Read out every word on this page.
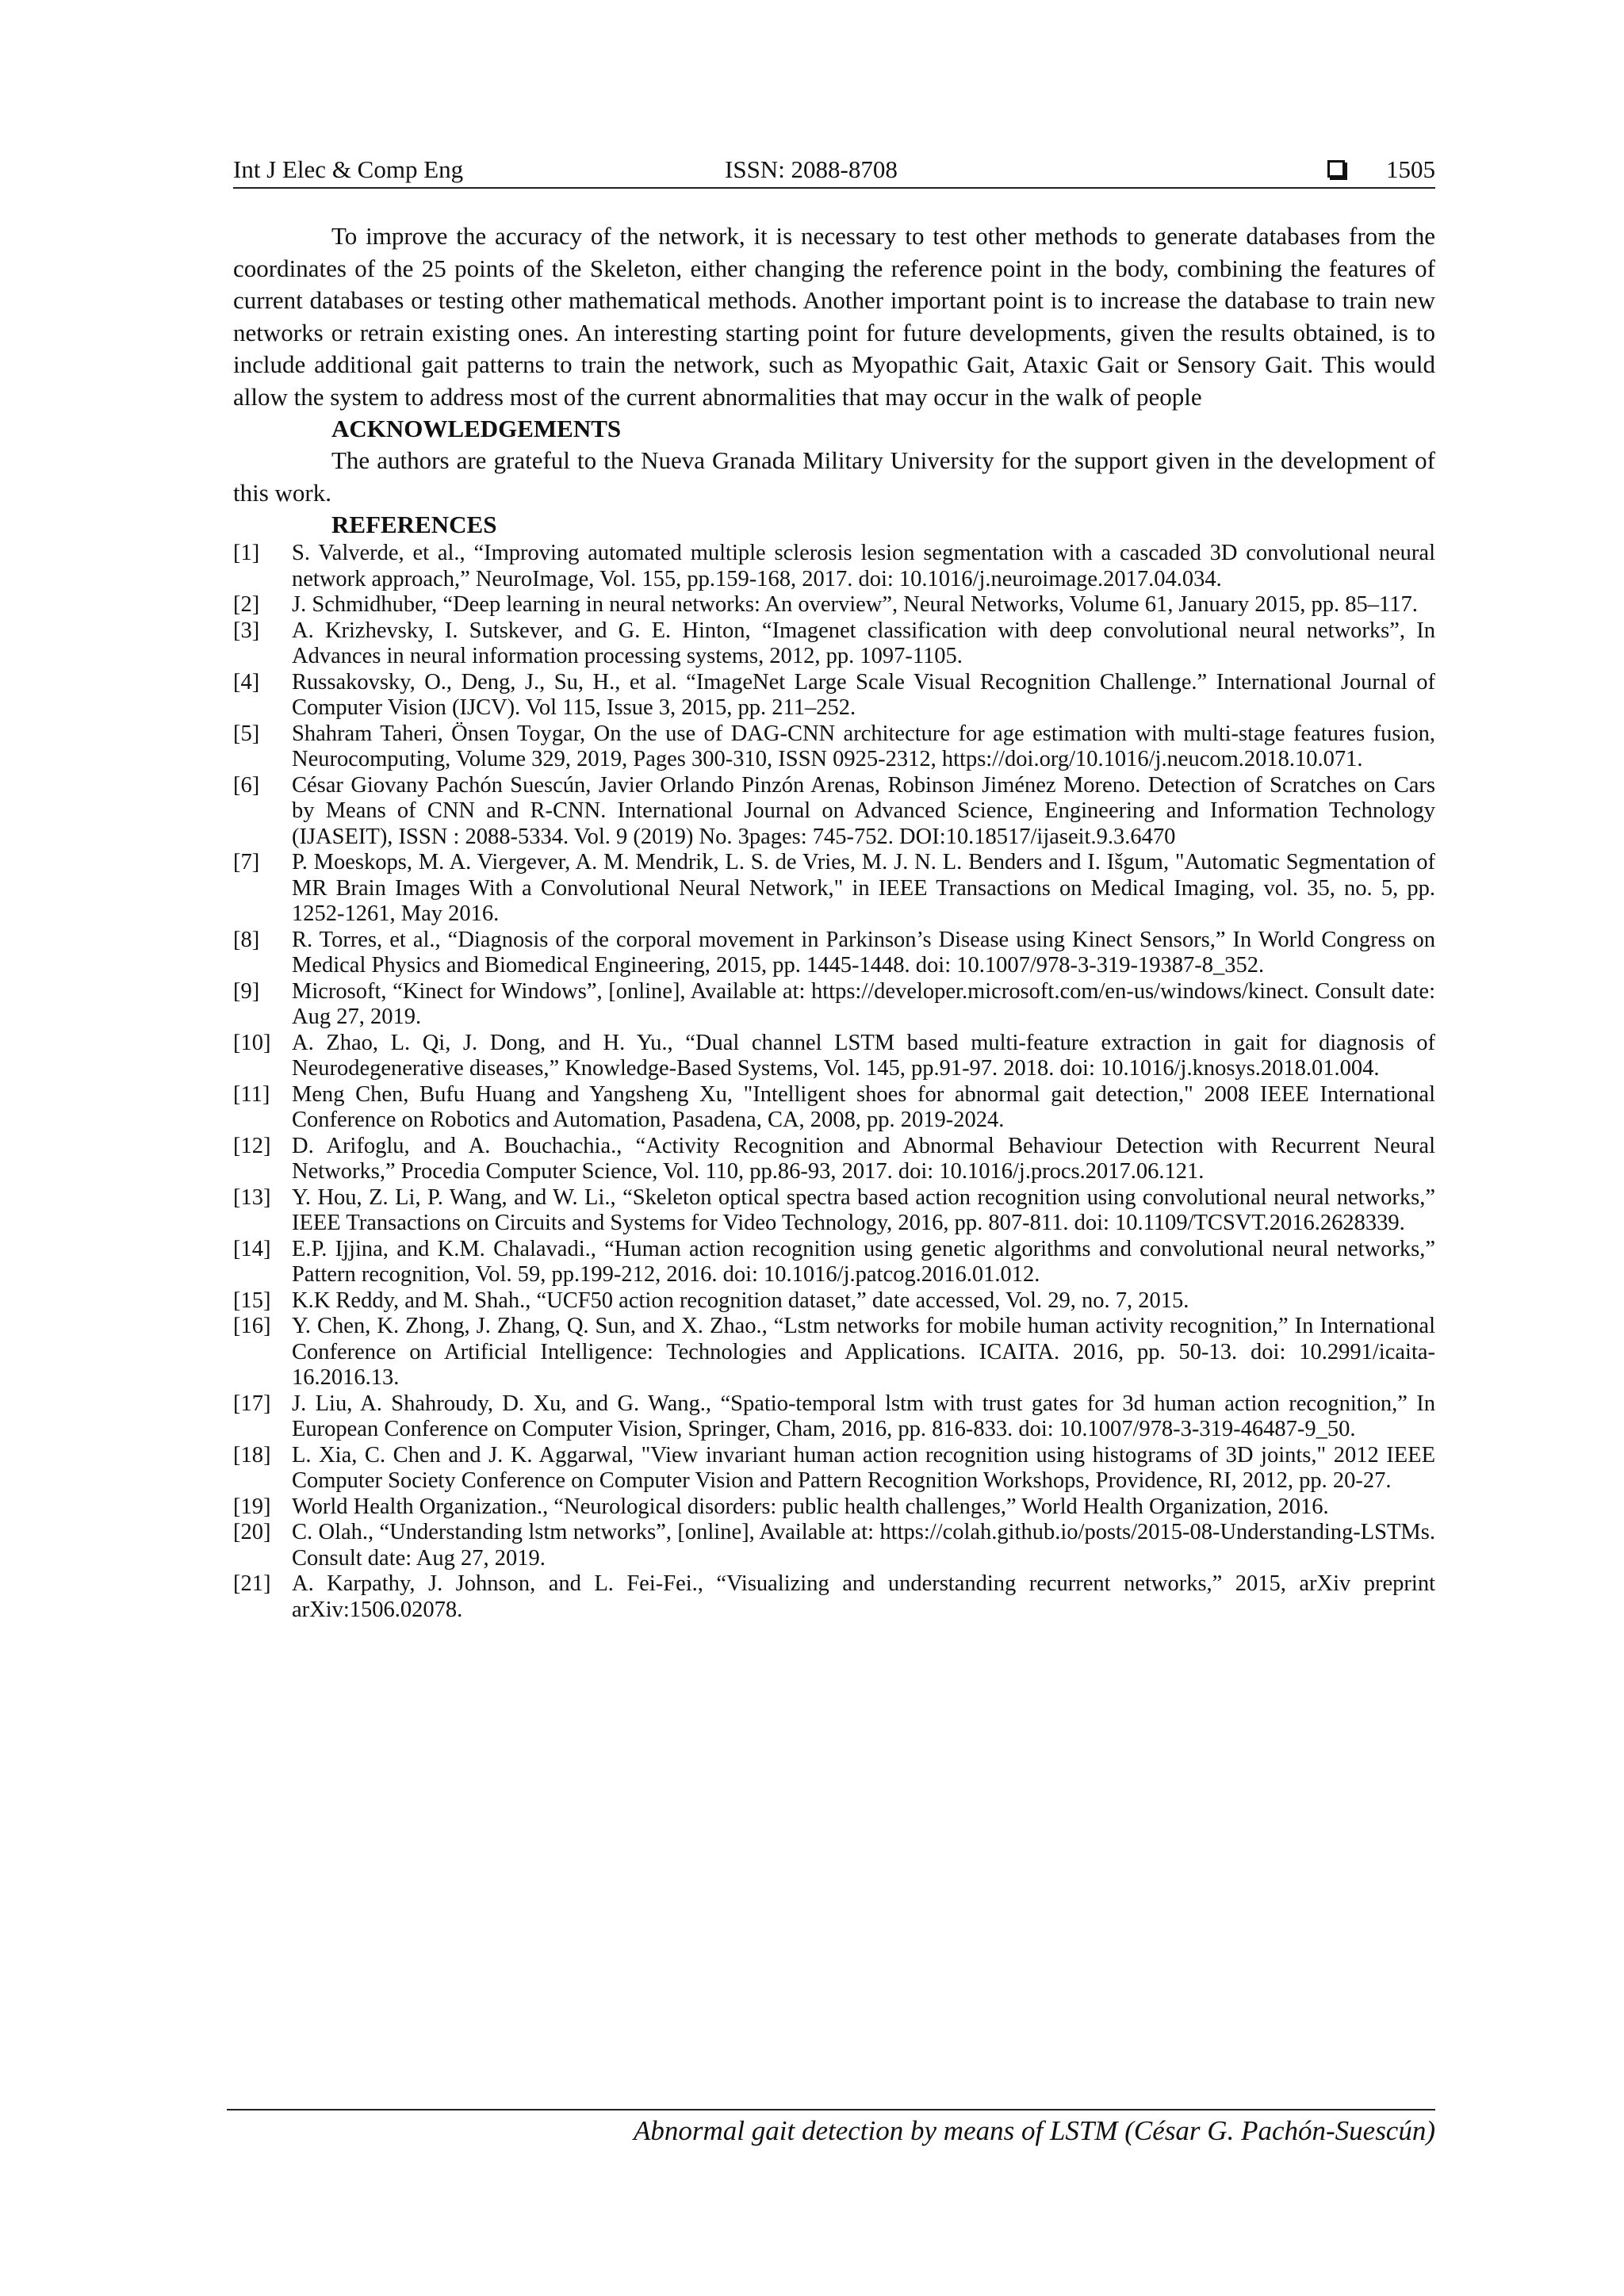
Int J Elec & Comp Eng	ISSN: 2088-8708	1505

To improve the accuracy of the network, it is necessary to test other methods to generate databases from the coordinates of the 25 points of the Skeleton, either changing the reference point in the body, combining the features of current databases or testing other mathematical methods. Another important point is to increase the database to train new networks or retrain existing ones. An interesting starting point for future developments, given the results obtained, is to include additional gait patterns to train the network, such as Myopathic Gait, Ataxic Gait or Sensory Gait. This would allow the system to address most of the current abnormalities that may occur in the walk of people

ACKNOWLEDGEMENTS

The authors are grateful to the Nueva Granada Military University for the support given in the development of this work.

REFERENCES

[1] S. Valverde, et al., “Improving automated multiple sclerosis lesion segmentation with a cascaded 3D convolutional neural network approach,” NeuroImage, Vol. 155, pp.159-168, 2017. doi: 10.1016/j.neuroimage.2017.04.034.
[2] J. Schmidhuber, “Deep learning in neural networks: An overview”, Neural Networks, Volume 61, January 2015, pp. 85–117.
[3] A. Krizhevsky, I. Sutskever, and G. E. Hinton, “Imagenet classification with deep convolutional neural networks”, In Advances in neural information processing systems, 2012, pp. 1097-1105.
[4] Russakovsky, O., Deng, J., Su, H., et al. “ImageNet Large Scale Visual Recognition Challenge.” International Journal of Computer Vision (IJCV). Vol 115, Issue 3, 2015, pp. 211–252.
[5] Shahram Taheri, Önsen Toygar, On the use of DAG-CNN architecture for age estimation with multi-stage features fusion, Neurocomputing, Volume 329, 2019, Pages 300-310, ISSN 0925-2312, https://doi.org/10.1016/j.neucom.2018.10.071.
[6] César Giovany Pachón Suescún, Javier Orlando Pinzón Arenas, Robinson Jiménez Moreno. Detection of Scratches on Cars by Means of CNN and R-CNN. International Journal on Advanced Science, Engineering and Information Technology (IJASEIT), ISSN : 2088-5334. Vol. 9 (2019) No. 3pages: 745-752. DOI:10.18517/ijaseit.9.3.6470
[7] P. Moeskops, M. A. Viergever, A. M. Mendrik, L. S. de Vries, M. J. N. L. Benders and I. Išgum, "Automatic Segmentation of MR Brain Images With a Convolutional Neural Network," in IEEE Transactions on Medical Imaging, vol. 35, no. 5, pp. 1252-1261, May 2016.
[8] R. Torres, et al., “Diagnosis of the corporal movement in Parkinson’s Disease using Kinect Sensors,” In World Congress on Medical Physics and Biomedical Engineering, 2015, pp. 1445-1448. doi: 10.1007/978-3-319-19387-8_352.
[9] Microsoft, “Kinect for Windows”, [online], Available at: https://developer.microsoft.com/en-us/windows/kinect. Consult date: Aug 27, 2019.
[10] A. Zhao, L. Qi, J. Dong, and H. Yu., “Dual channel LSTM based multi-feature extraction in gait for diagnosis of Neurodegenerative diseases,” Knowledge-Based Systems, Vol. 145, pp.91-97. 2018. doi: 10.1016/j.knosys.2018.01.004.
[11] Meng Chen, Bufu Huang and Yangsheng Xu, "Intelligent shoes for abnormal gait detection," 2008 IEEE International Conference on Robotics and Automation, Pasadena, CA, 2008, pp. 2019-2024.
[12] D. Arifoglu, and A. Bouchachia., “Activity Recognition and Abnormal Behaviour Detection with Recurrent Neural Networks,” Procedia Computer Science, Vol. 110, pp.86-93, 2017. doi: 10.1016/j.procs.2017.06.121.
[13] Y. Hou, Z. Li, P. Wang, and W. Li., “Skeleton optical spectra based action recognition using convolutional neural networks,” IEEE Transactions on Circuits and Systems for Video Technology, 2016, pp. 807-811. doi: 10.1109/TCSVT.2016.2628339.
[14] E.P. Ijjina, and K.M. Chalavadi., “Human action recognition using genetic algorithms and convolutional neural networks,” Pattern recognition, Vol. 59, pp.199-212, 2016. doi: 10.1016/j.patcog.2016.01.012.
[15] K.K Reddy, and M. Shah., “UCF50 action recognition dataset,” date accessed, Vol. 29, no. 7, 2015.
[16] Y. Chen, K. Zhong, J. Zhang, Q. Sun, and X. Zhao., “Lstm networks for mobile human activity recognition,” In International Conference on Artificial Intelligence: Technologies and Applications. ICAITA. 2016, pp. 50-13. doi: 10.2991/icaita-16.2016.13.
[17] J. Liu, A. Shahroudy, D. Xu, and G. Wang., “Spatio-temporal lstm with trust gates for 3d human action recognition,” In European Conference on Computer Vision, Springer, Cham, 2016, pp. 816-833. doi: 10.1007/978-3-319-46487-9_50.
[18] L. Xia, C. Chen and J. K. Aggarwal, "View invariant human action recognition using histograms of 3D joints," 2012 IEEE Computer Society Conference on Computer Vision and Pattern Recognition Workshops, Providence, RI, 2012, pp. 20-27.
[19] World Health Organization., “Neurological disorders: public health challenges,” World Health Organization, 2016.
[20] C. Olah., “Understanding lstm networks”, [online], Available at: https://colah.github.io/posts/2015-08-Understanding-LSTMs. Consult date: Aug 27, 2019.
[21] A. Karpathy, J. Johnson, and L. Fei-Fei., “Visualizing and understanding recurrent networks,” 2015, arXiv preprint arXiv:1506.02078.
Abnormal gait detection by means of LSTM (César G. Pachón-Suescún)
